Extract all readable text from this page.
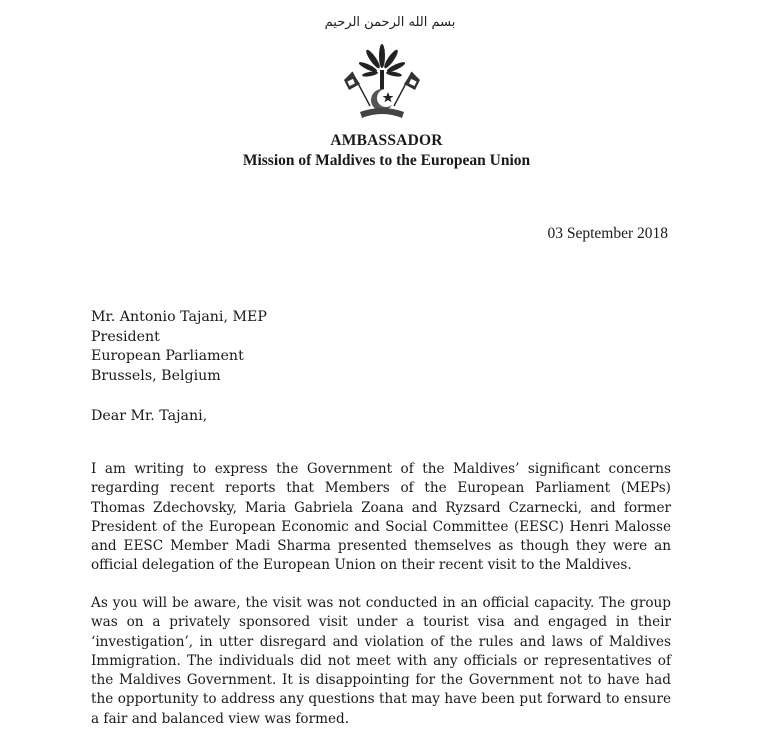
بسم الله الرحمن الرحيم
AMBASSADOR
Mission of Maldives to the European Union
03 September 2018
Mr. Antonio Tajani, MEP
President
European Parliament
Brussels, Belgium
Dear Mr. Tajani,
I am writing to express the Government of the Maldives’ significant concerns regarding recent reports that Members of the European Parliament (MEPs) Thomas Zdechovsky, Maria Gabriela Zoana and Ryzsard Czarnecki, and former President of the European Economic and Social Committee (EESC) Henri Malosse and EESC Member Madi Sharma presented themselves as though they were an official delegation of the European Union on their recent visit to the Maldives.
As you will be aware, the visit was not conducted in an official capacity. The group was on a privately sponsored visit under a tourist visa and engaged in their ‘investigation’, in utter disregard and violation of the rules and laws of Maldives Immigration. The individuals did not meet with any officials or representatives of the Maldives Government. It is disappointing for the Government not to have had the opportunity to address any questions that may have been put forward to ensure a fair and balanced view was formed.
